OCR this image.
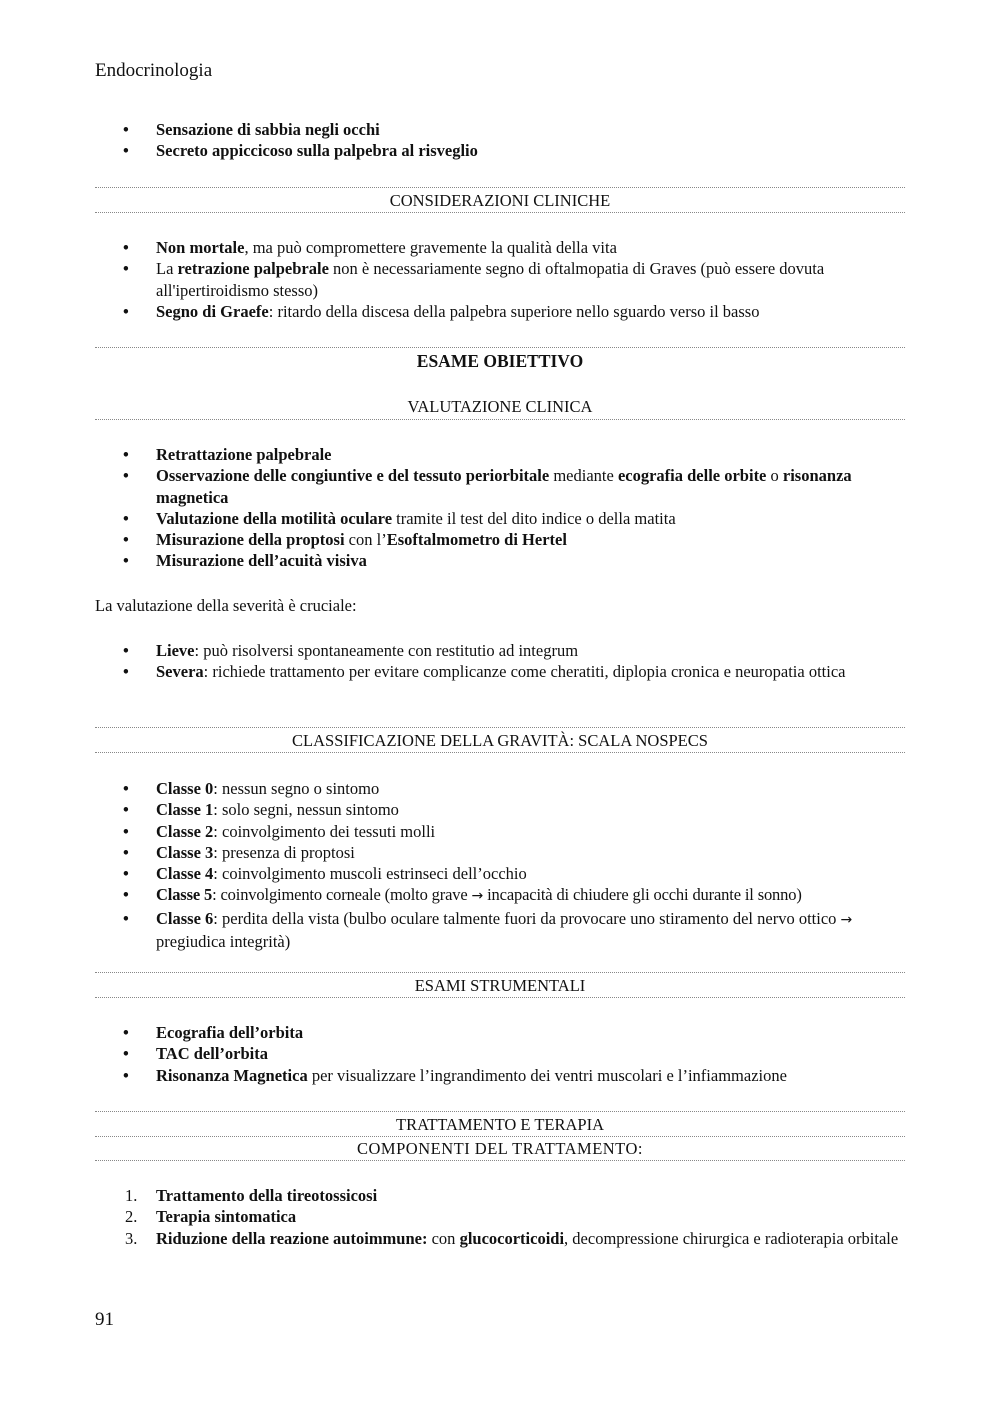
Endocrinologia
• Sensazione di sabbia negli occhi
• Secreto appiccicoso sulla palpebra al risveglio
CONSIDERAZIONI CLINICHE
• Non mortale, ma può compromettere gravemente la qualità della vita
• La retrazione palpebrale non è necessariamente segno di oftalmopatia di Graves (può essere dovuta all'ipertiroidismo stesso)
• Segno di Graefe: ritardo della discesa della palpebra superiore nello sguardo verso il basso
ESAME OBIETTIVO
VALUTAZIONE CLINICA
• Retrattazione palpebrale
• Osservazione delle congiuntive e del tessuto periorbitale mediante ecografia delle orbite o risonanza magnetica
• Valutazione della motilità oculare tramite il test del dito indice o della matita
• Misurazione della proptosi con l’Esoftalmometro di Hertel
• Misurazione dell’acuità visiva
La valutazione della severità è cruciale:
• Lieve: può risolversi spontaneamente con restitutio ad integrum
• Severa: richiede trattamento per evitare complicanze come cheratiti, diplopia cronica e neuropatia ottica
CLASSIFICAZIONE DELLA GRAVITÀ: SCALA NOSPECS
• Classe 0: nessun segno o sintomo
• Classe 1: solo segni, nessun sintomo
• Classe 2: coinvolgimento dei tessuti molli
• Classe 3: presenza di proptosi
• Classe 4: coinvolgimento muscoli estrinseci dell’occhio
• Classe 5: coinvolgimento corneale (molto grave → incapacità di chiudere gli occhi durante il sonno)
• Classe 6: perdita della vista (bulbo oculare talmente fuori da provocare uno stiramento del nervo ottico → pregiudica integrità)
ESAMI STRUMENTALI
• Ecografia dell’orbita
• TAC dell’orbita
• Risonanza Magnetica per visualizzare l’ingrandimento dei ventri muscolari e l’infiammazione
TRATTAMENTO E TERAPIA
COMPONENTI DEL TRATTAMENTO:
1. Trattamento della tireotossicosi
2. Terapia sintomatica
3. Riduzione della reazione autoimmune: con glucocorticoidi, decompressione chirurgica e radioterapia orbitale
91
